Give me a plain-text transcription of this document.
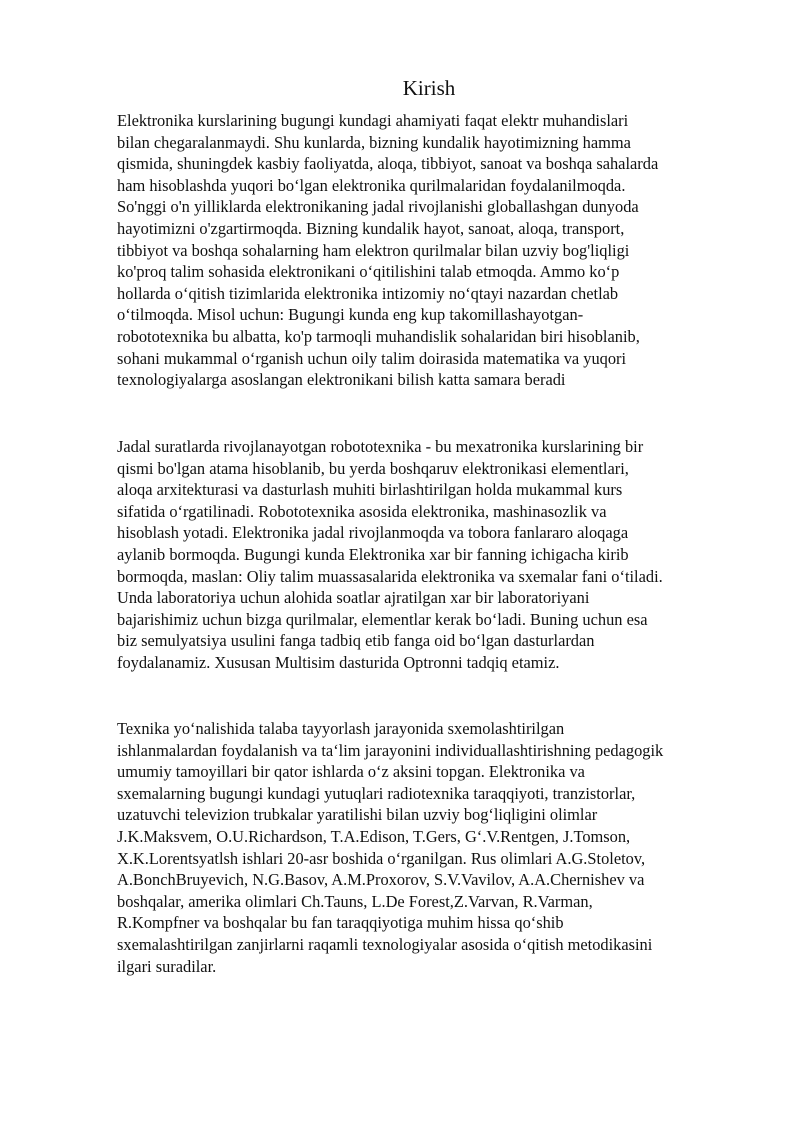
Kirish
Elektronika kurslarining bugungi kundagi ahamiyati faqat elektr muhandislari
bilan chegaralanmaydi. Shu kunlarda, bizning kundalik hayotimizning hamma
qismida, shuningdek kasbiy faoliyatda, aloqa, tibbiyot, sanoat va boshqa sahalarda
ham hisoblashda yuqori boʻlgan elektronika qurilmalaridan foydalanilmoqda.
So'nggi o'n yilliklarda elektronikaning jadal rivojlanishi globallashgan dunyoda
hayotimizni o'zgartirmoqda. Bizning kundalik hayot, sanoat, aloqa, transport,
tibbiyot va boshqa sohalarning ham elektron qurilmalar bilan uzviy bog'liqligi
ko'proq talim sohasida elektronikani oʻqitilishini talab etmoqda. Ammo koʻp
hollarda oʻqitish tizimlarida elektronika intizomiy noʻqtayi nazardan chetlab
oʻtilmoqda. Misol uchun: Bugungi kunda eng kup takomillashayotgan-
robototexnika bu albatta, ko'p tarmoqli muhandislik sohalaridan biri hisoblanib,
sohani mukammal oʻrganish uchun oily talim doirasida matematika va yuqori
texnologiyalarga asoslangan elektronikani bilish katta samara beradi
Jadal suratlarda rivojlanayotgan robototexnika - bu mexatronika kurslarining bir
qismi bo'lgan atama hisoblanib, bu yerda boshqaruv elektronikasi elementlari,
aloqa arxitekturasi va dasturlash muhiti birlashtirilgan holda mukammal kurs
sifatida oʻrgatilinadi. Robototexnika asosida elektronika, mashinasozlik va
hisoblash yotadi. Elektronika jadal rivojlanmoqda va tobora fanlararo aloqaga
aylanib bormoqda. Bugungi kunda Elektronika xar bir fanning ichigacha kirib
bormoqda, maslan: Oliy talim muassasalarida elektronika va sxemalar fani oʻtiladi.
Unda laboratoriya uchun alohida soatlar ajratilgan xar bir laboratoriyani
bajarishimiz uchun bizga qurilmalar, elementlar kerak boʻladi. Buning uchun esa
biz semulyatsiya usulini fanga tadbiq etib fanga oid boʻlgan dasturlardan
foydalanamiz. Xususan Multisim dasturida Optronni tadqiq etamiz.
Texnika yoʻnalishida talaba tayyorlash jarayonida sxemolashtirilgan
ishlanmalardan foydalanish va taʻlim jarayonini individuallashtirishning pedagogik
umumiy tamoyillari bir qator ishlarda oʻz aksini topgan. Elektronika va
sxemalarning bugungi kundagi yutuqlari radiotexnika taraqqiyoti, tranzistorlar,
uzatuvchi televizion trubkalar yaratilishi bilan uzviy bogʻliqligini olimlar
J.K.Maksvem, O.U.Richardson, T.A.Edison, T.Gers, Gʻ.V.Rentgen, J.Tomson,
X.K.Lorentsyatlsh ishlari 20-asr boshida oʻrganilgan. Rus olimlari A.G.Stoletov,
A.BonchBruyevich, N.G.Basov, A.M.Proxorov, S.V.Vavilov, A.A.Chernishev va
boshqalar, amerika olimlari Ch.Tauns, L.De Forest,Z.Varvan, R.Varman,
R.Kompfner va boshqalar bu fan taraqqiyotiga muhim hissa qoʻshib
sxemalashtirilgan zanjirlarni raqamli texnologiyalar asosida oʻqitish metodikasini
ilgari suradilar.
